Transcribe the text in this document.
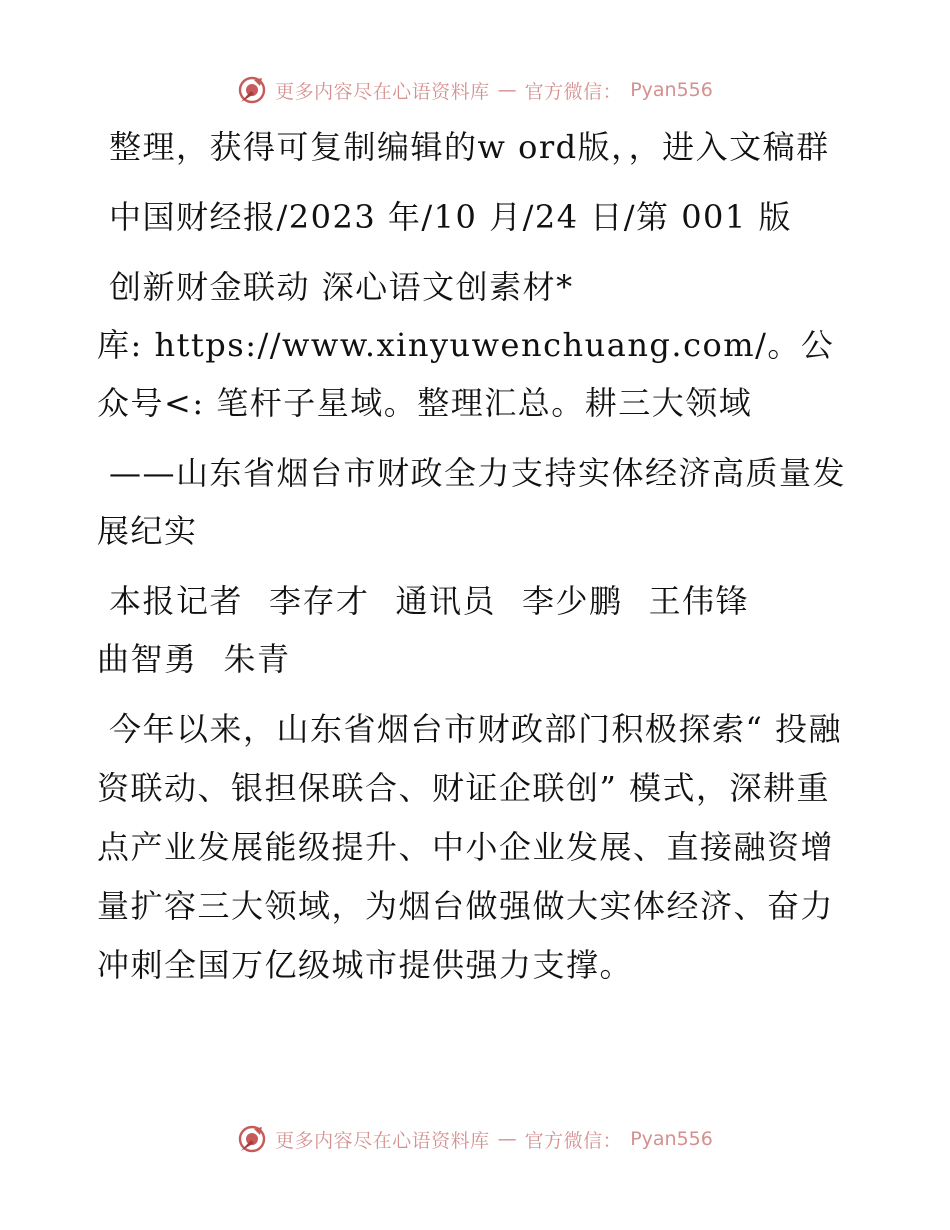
更多内容尽在心语资料库 — 官方微信： Pyan556

整理，获得可复制编辑的w ord版，，进入文稿群

中国财经报/2023 年/10 月/24 日/第 001 版

创新财金联动 深心语文创素材*

库: https://www.xinyuwenchuang.com/。公众号<: 笔杆子星域。整理汇总。耕三大领域

——山东省烟台市财政全力支持实体经济高质量发展纪实

本报记者 李存才 通讯员 李少鹏 王伟锋
曲智勇 朱青

今年以来，山东省烟台市财政部门积极探索“ 投融资联动、银担保联合、财证企联创” 模式，深耕重点产业发展能级提升、中小企业发展、直接融资增量扩容三大领域，为烟台做强做大实体经济、奋力冲刺全国万亿级城市提供强力支撑。

更多内容尽在心语资料库 — 官方微信： Pyan556
